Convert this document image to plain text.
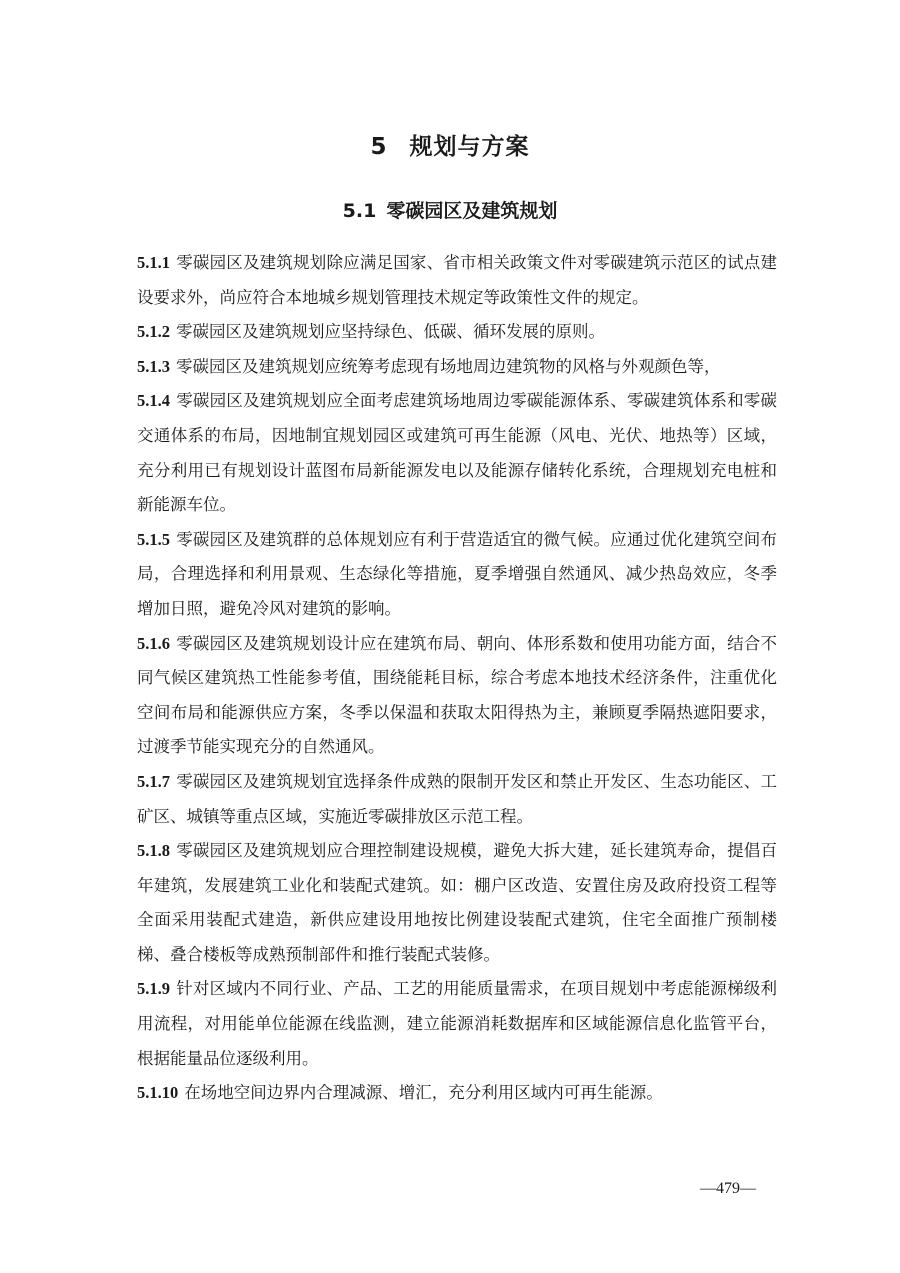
5 规划与方案
5.1 零碳园区及建筑规划

5.1.1 零碳园区及建筑规划除应满足国家、省市相关政策文件对零碳建筑示范区的试点建设要求外，尚应符合本地城乡规划管理技术规定等政策性文件的规定。

5.1.2 零碳园区及建筑规划应坚持绿色、低碳、循环发展的原则。

5.1.3 零碳园区及建筑规划应统筹考虑现有场地周边建筑物的风格与外观颜色等，

5.1.4 零碳园区及建筑规划应全面考虑建筑场地周边零碳能源体系、零碳建筑体系和零碳交通体系的布局，因地制宜规划园区或建筑可再生能源（风电、光伏、地热等）区域，充分利用已有规划设计蓝图布局新能源发电以及能源存储转化系统，合理规划充电桩和新能源车位。

5.1.5 零碳园区及建筑群的总体规划应有利于营造适宜的微气候。应通过优化建筑空间布局，合理选择和利用景观、生态绿化等措施，夏季增强自然通风、减少热岛效应，冬季增加日照，避免冷风对建筑的影响。

5.1.6 零碳园区及建筑规划设计应在建筑布局、朝向、体形系数和使用功能方面，结合不同气候区建筑热工性能参考值，围绕能耗目标，综合考虑本地技术经济条件，注重优化空间布局和能源供应方案，冬季以保温和获取太阳得热为主，兼顾夏季隔热遮阳要求，过渡季节能实现充分的自然通风。

5.1.7 零碳园区及建筑规划宜选择条件成熟的限制开发区和禁止开发区、生态功能区、工矿区、城镇等重点区域，实施近零碳排放区示范工程。

5.1.8 零碳园区及建筑规划应合理控制建设规模，避免大拆大建，延长建筑寿命，提倡百年建筑，发展建筑工业化和装配式建筑。如：棚户区改造、安置住房及政府投资工程等全面采用装配式建造，新供应建设用地按比例建设装配式建筑，住宅全面推广预制楼梯、叠合楼板等成熟预制部件和推行装配式装修。

5.1.9 针对区域内不同行业、产品、工艺的用能质量需求，在项目规划中考虑能源梯级利用流程，对用能单位能源在线监测，建立能源消耗数据库和区域能源信息化监管平台，根据能量品位逐级利用。

5.1.10 在场地空间边界内合理减源、增汇，充分利用区域内可再生能源。

—479—
